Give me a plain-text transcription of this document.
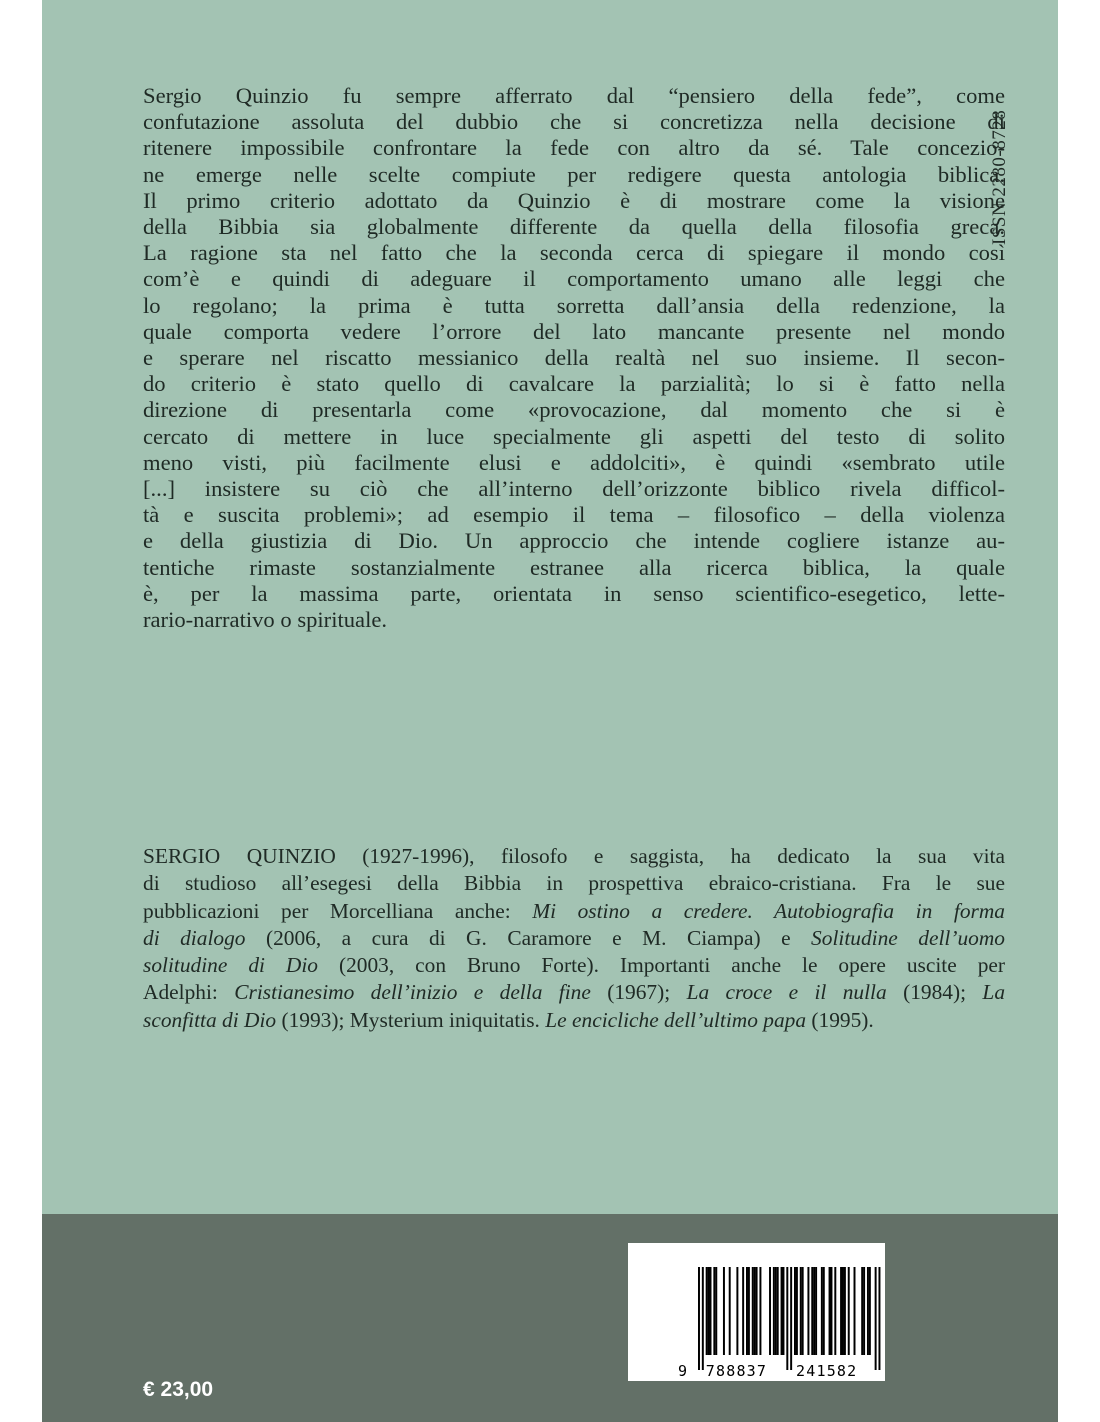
Sergio Quinzio fu sempre afferrato dal “pensiero della fede”, come
confutazione assoluta del dubbio che si concretizza nella decisione di
ritenere impossibile confrontare la fede con altro da sé. Tale concezio-
ne emerge nelle scelte compiute per redigere questa antologia biblica.
Il primo criterio adottato da Quinzio è di mostrare come la visione
della Bibbia sia globalmente differente da quella della filosofia greca.
La ragione sta nel fatto che la seconda cerca di spiegare il mondo così
com’è e quindi di adeguare il comportamento umano alle leggi che
lo regolano; la prima è tutta sorretta dall’ansia della redenzione, la
quale comporta vedere l’orrore del lato mancante presente nel mondo
e sperare nel riscatto messianico della realtà nel suo insieme. Il secon-
do criterio è stato quello di cavalcare la parzialità; lo si è fatto nella
direzione di presentarla come «provocazione, dal momento che si è
cercato di mettere in luce specialmente gli aspetti del testo di solito
meno visti, più facilmente elusi e addolciti», è quindi «sembrato utile
[...] insistere su ciò che all’interno dell’orizzonte biblico rivela difficol-
tà e suscita problemi»; ad esempio il tema – filosofico – della violenza
e della giustizia di Dio. Un approccio che intende cogliere istanze au-
tentiche rimaste sostanzialmente estranee alla ricerca biblica, la quale
è, per la massima parte, orientata in senso scientifico-esegetico, lette-
rario-narrativo o spirituale.
ISSN 2280-8728
SERGIO QUINZIO (1927-1996), filosofo e saggista, ha dedicato la sua vita
di studioso all’esegesi della Bibbia in prospettiva ebraico-cristiana. Fra le sue
pubblicazioni per Morcelliana anche: Mi ostino a credere. Autobiografia in forma
di dialogo (2006, a cura di G. Caramore e M. Ciampa) e Solitudine dell’uomo
solitudine di Dio (2003, con Bruno Forte). Importanti anche le opere uscite per
Adelphi: Cristianesimo dell’inizio e della fine (1967); La croce e il nulla (1984); La
sconfitta di Dio (1993); Mysterium iniquitatis. Le encicliche dell’ultimo papa (1995).
€ 23,00
9 788837 241582
